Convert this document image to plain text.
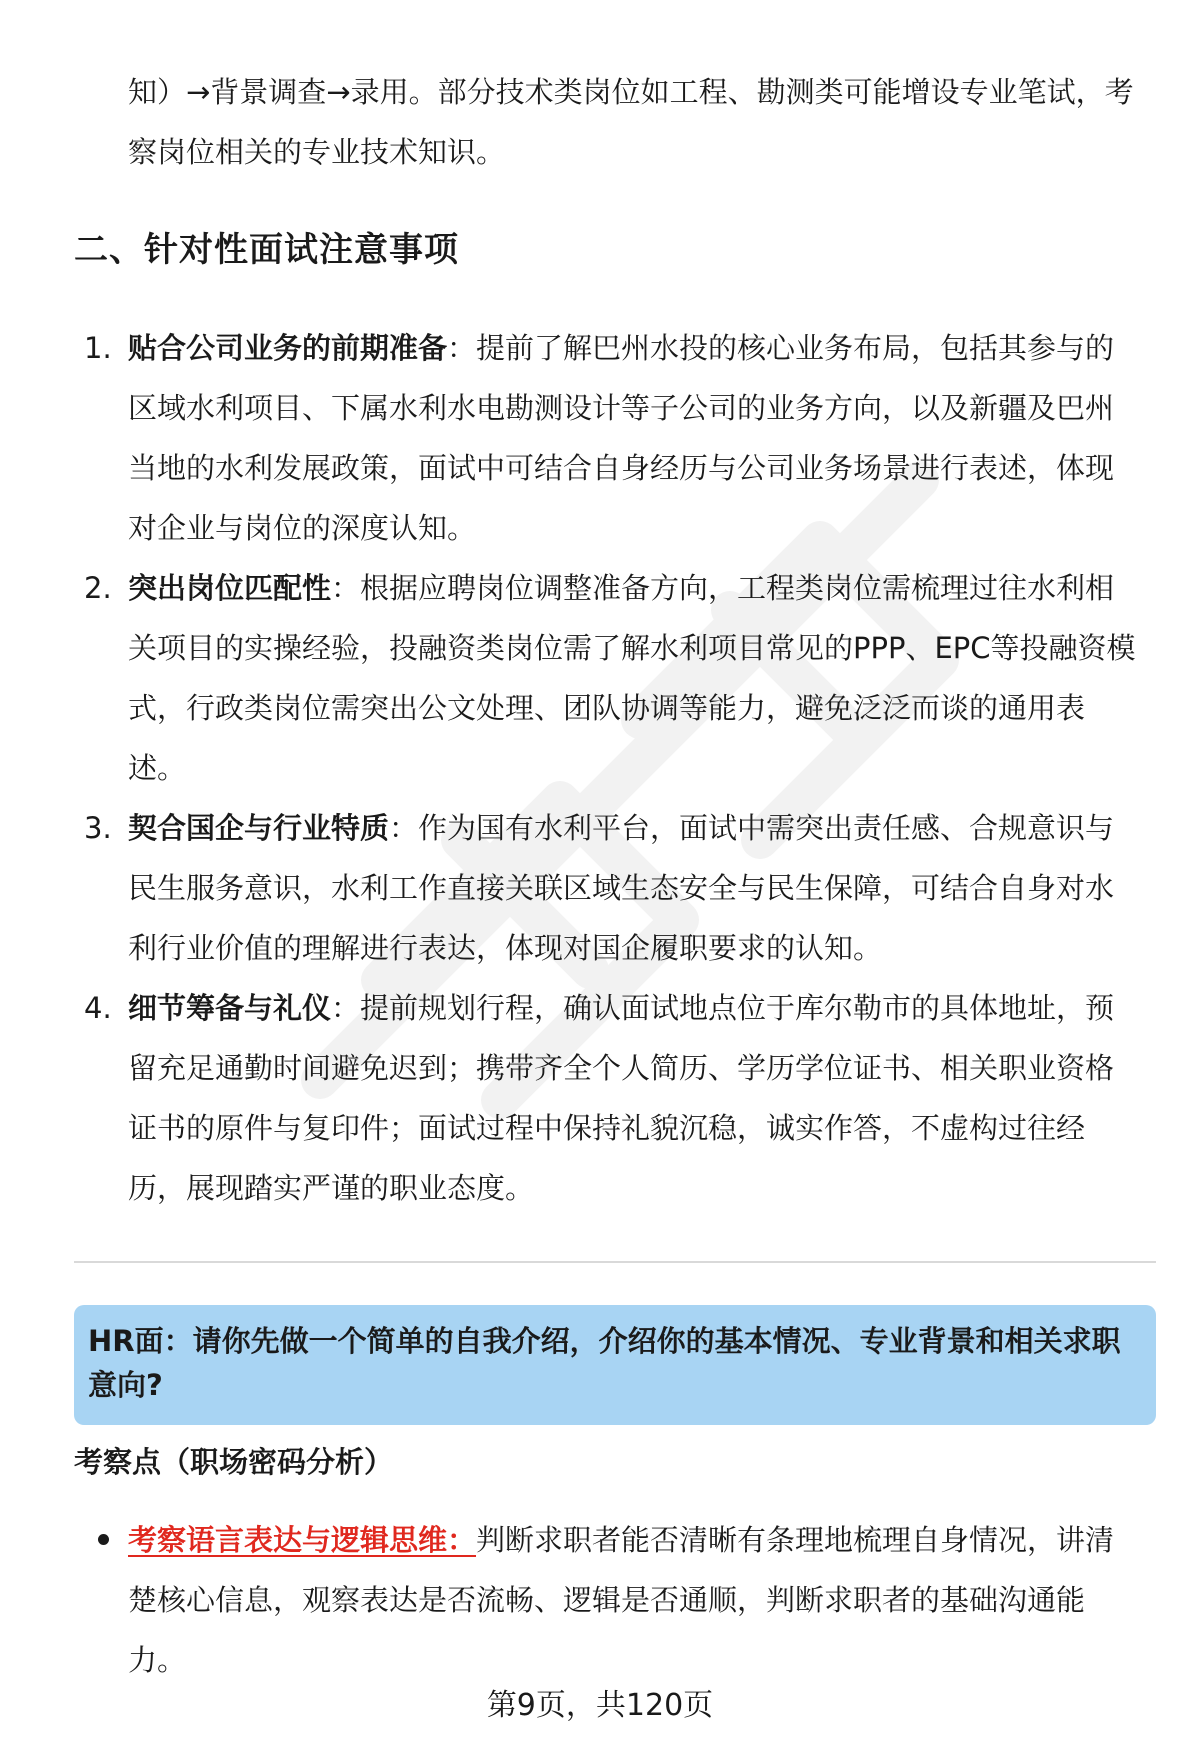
知）→背景调查→录用。部分技术类岗位如工程、勘测类可能增设专业笔试，考察岗位相关的专业技术知识。

二、针对性面试注意事项
1. 贴合公司业务的前期准备：提前了解巴州水投的核心业务布局，包括其参与的区域水利项目、下属水利水电勘测设计等子公司的业务方向，以及新疆及巴州当地的水利发展政策，面试中可结合自身经历与公司业务场景进行表述，体现对企业与岗位的深度认知。
2. 突出岗位匹配性：根据应聘岗位调整准备方向，工程类岗位需梳理过往水利相关项目的实操经验，投融资类岗位需了解水利项目常见的PPP、EPC等投融资模式，行政类岗位需突出公文处理、团队协调等能力，避免泛泛而谈的通用表述。
3. 契合国企与行业特质：作为国有水利平台，面试中需突出责任感、合规意识与民生服务意识，水利工作直接关联区域生态安全与民生保障，可结合自身对水利行业价值的理解进行表达，体现对国企履职要求的认知。
4. 细节筹备与礼仪：提前规划行程，确认面试地点位于库尔勒市的具体地址，预留充足通勤时间避免迟到；携带齐全个人简历、学历学位证书、相关职业资格证书的原件与复印件；面试过程中保持礼貌沉稳，诚实作答，不虚构过往经历，展现踏实严谨的职业态度。

HR面：请你先做一个简单的自我介绍，介绍你的基本情况、专业背景和相关求职意向?

考察点（职场密码分析）

考察语言表达与逻辑思维：判断求职者能否清晰有条理地梳理自身情况，讲清楚核心信息，观察表达是否流畅、逻辑是否通顺，判断求职者的基础沟通能力。

第9页，共120页
